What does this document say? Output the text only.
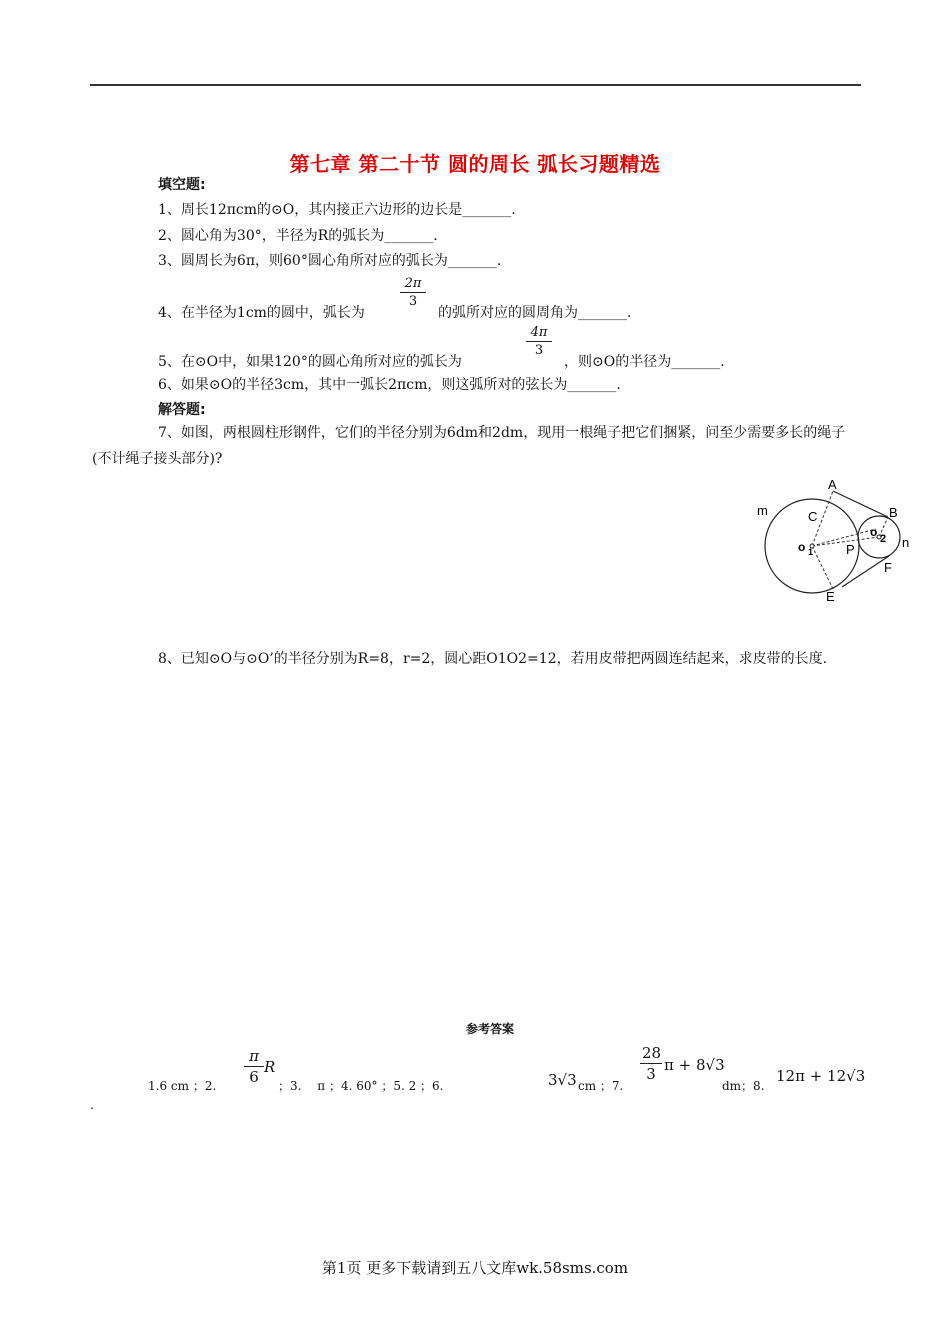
第七章 第二十节 圆的周长 弧长习题精选
填空题:
1、周长12πcm的⊙O，其内接正六边形的边长是_______.
2、圆心角为30°，半径为R的弧长为_______.
3、圆周长为6π，则60°圆心角所对应的弧长为_______.
4、在半径为1cm的圆中，弧长为
2π
3
的弧所对应的圆周角为_______.
5、在⊙O中，如果120°的圆心角所对应的弧长为
4π
3
，则⊙O的半径为_______.
6、如果⊙O的半径3cm，其中一弧长2πcm，则这弧所对的弦长为_______.
解答题:
7、如图，两根圆柱形钢件，它们的半径分别为6dm和2dm，现用一根绳子把它们捆紧，问至少需要多长的绳子(不计绳子接头部分)?
A
B
C
E
F
P
m
n
o 1
o 2
8、已知⊙O与⊙O’的半径分别为R=8，r=2，圆心距O1O2=12，若用皮带把两圆连结起来，求皮带的长度.
参考答案
1.6 cm ；2.
π
6
R
；3.　 π ；4. 60° ；5. 2 ；6.	3√3 cm ；7.
28
3 π + 8√3
dm；8.
12π + 12√3
.
第1页 更多下载请到五八文库wk.58sms.com
